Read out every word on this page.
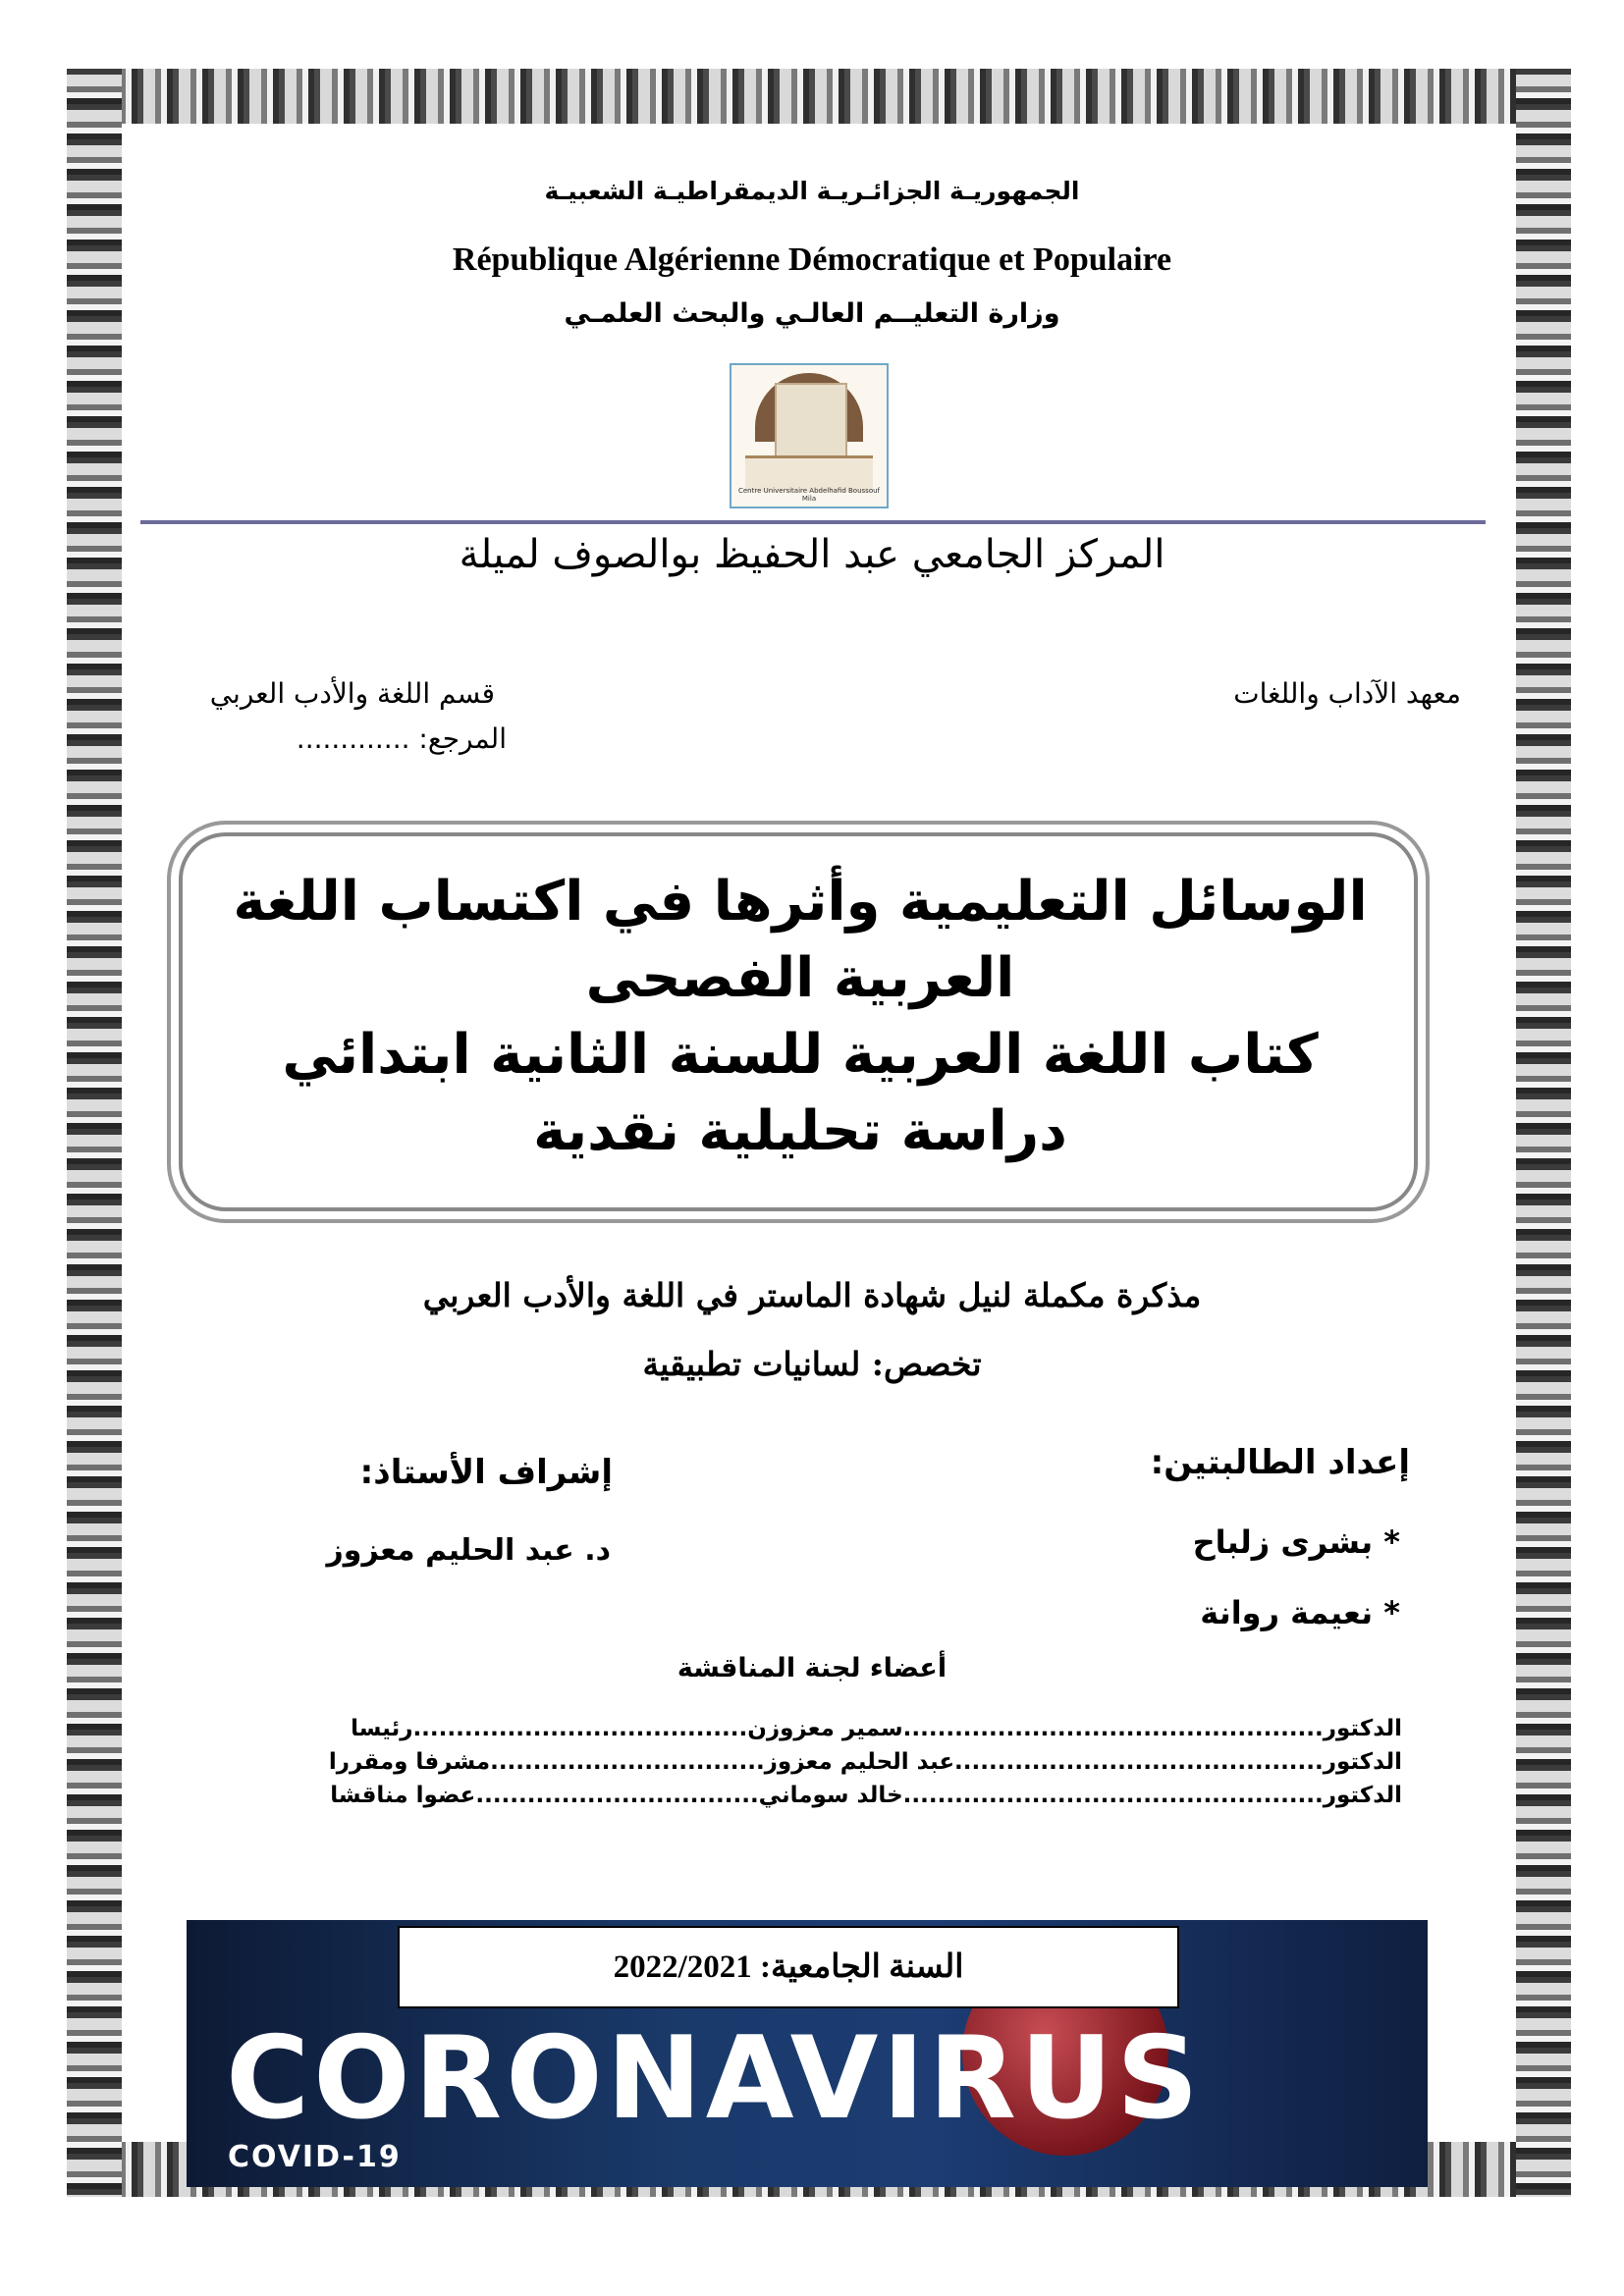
الجمهوريـة الجزائـريـة الديمقراطيـة الشعبيـة
République Algérienne Démocratique et Populaire
وزارة التعليــم العالـي والبحث العلمـي
Centre Universitaire Abdelhafid Boussouf Mila
المركز الجامعي عبد الحفيظ بوالصوف لميلة
معهد الآداب واللغات
قسم اللغة والأدب العربي
المرجع: .............
الوسائل التعليمية وأثرها في اكتساب اللغة العربية الفصحى
كتاب اللغة العربية للسنة الثانية ابتدائي دراسة تحليلية نقدية
مذكرة مكملة لنيل شهادة الماستر في اللغة والأدب العربي
تخصص: لسانيات تطبيقية
إعداد الطالبتين:
إشراف الأستاذ:
* بشرى زلباح
* نعيمة روانة
د. عبد الحليم معزوز
أعضاء لجنة المناقشة
الدكتور.................................................سمير معزوزن.......................................رئيسا
الدكتور...........................................عبد الحليم معزوز................................مشرفا ومقررا
الدكتور.................................................خالد سوماني.................................عضوا مناقشا
CORONAVIRUS
COVID-19
السنة الجامعية: 2022/2021
